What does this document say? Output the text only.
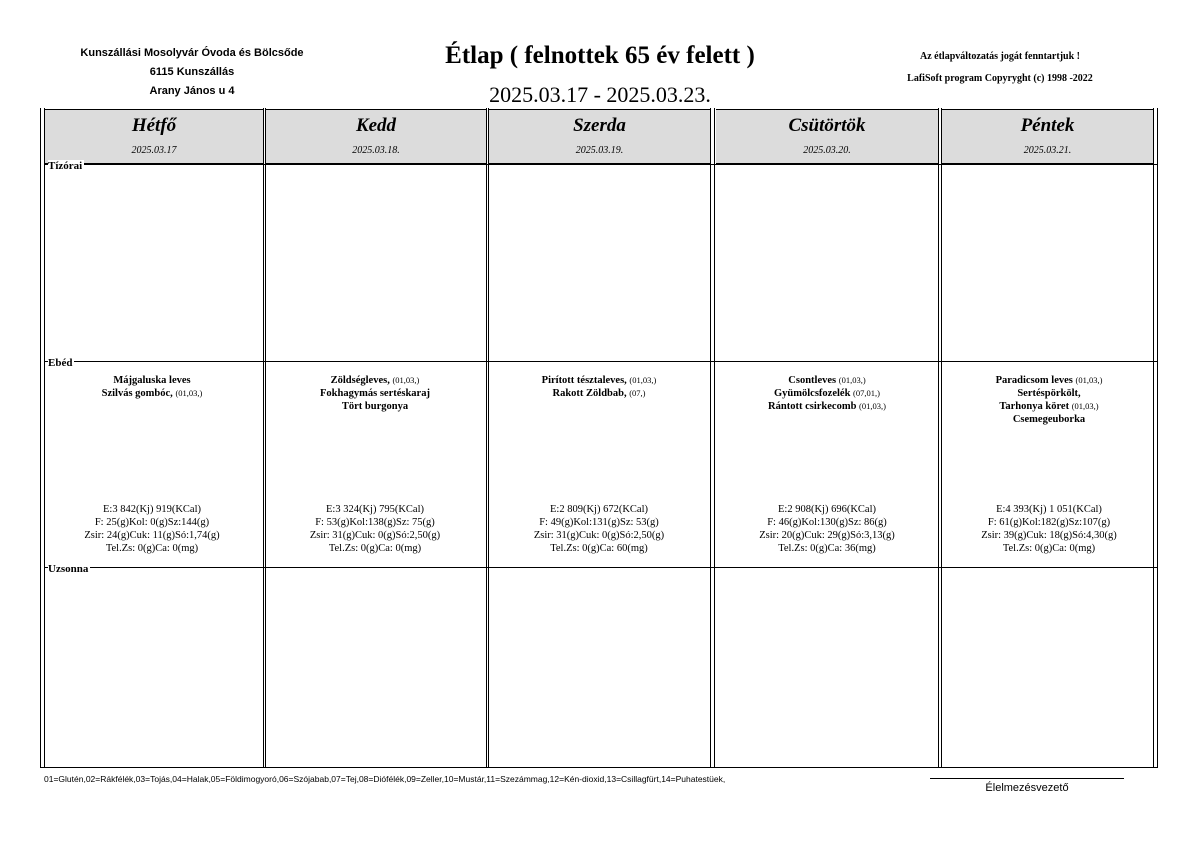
Kunszállási Mosolyvár Óvoda és Bölcsőde
6115 Kunszállás
Arany János u 4
Étlap ( felnottek 65 év felett )
2025.03.17 - 2025.03.23.
Az étlapváltozatás jogát fenntartjuk !
LafiSoft program Copyryght (c) 1998 -2022
Hétfő
2025.03.17
Kedd
2025.03.18.
Szerda
2025.03.19.
Csütörtök
2025.03.20.
Péntek
2025.03.21.
Tízórai
Ebéd
Uzsonna
Májgaluska leves
Szilvás gombóc, (01,03,)
E:3 842(Kj) 919(KCal)
F: 25(g)Kol: 0(g)Sz:144(g)
Zsir: 24(g)Cuk: 11(g)Só:1,74(g)
Tel.Zs: 0(g)Ca: 0(mg)
Zöldségleves, (01,03,)
Fokhagymás sertéskaraj
Tört burgonya
E:3 324(Kj) 795(KCal)
F: 53(g)Kol:138(g)Sz: 75(g)
Zsir: 31(g)Cuk: 0(g)Só:2,50(g)
Tel.Zs: 0(g)Ca: 0(mg)
Pirított tésztaleves, (01,03,)
Rakott Zöldbab, (07,)
E:2 809(Kj) 672(KCal)
F: 49(g)Kol:131(g)Sz: 53(g)
Zsir: 31(g)Cuk: 0(g)Só:2,50(g)
Tel.Zs: 0(g)Ca: 60(mg)
Csontleves (01,03,)
Gyümölcsfozelék (07,01,)
Rántott csirkecomb (01,03,)
E:2 908(Kj) 696(KCal)
F: 46(g)Kol:130(g)Sz: 86(g)
Zsir: 20(g)Cuk: 29(g)Só:3,13(g)
Tel.Zs: 0(g)Ca: 36(mg)
Paradicsom leves (01,03,)
Sertéspörkölt,
Tarhonya köret (01,03,)
Csemegeuborka
E:4 393(Kj) 1 051(KCal)
F: 61(g)Kol:182(g)Sz:107(g)
Zsir: 39(g)Cuk: 18(g)Só:4,30(g)
Tel.Zs: 0(g)Ca: 0(mg)
01=Glutén,02=Rákfélék,03=Tojás,04=Halak,05=Földimogyoró,06=Szójabab,07=Tej,08=Diófélék,09=Zeller,10=Mustár,11=Szezámmag,12=Kén-dioxid,13=Csillagfürt,14=Puhatestüek,
Élelmezésvezető
